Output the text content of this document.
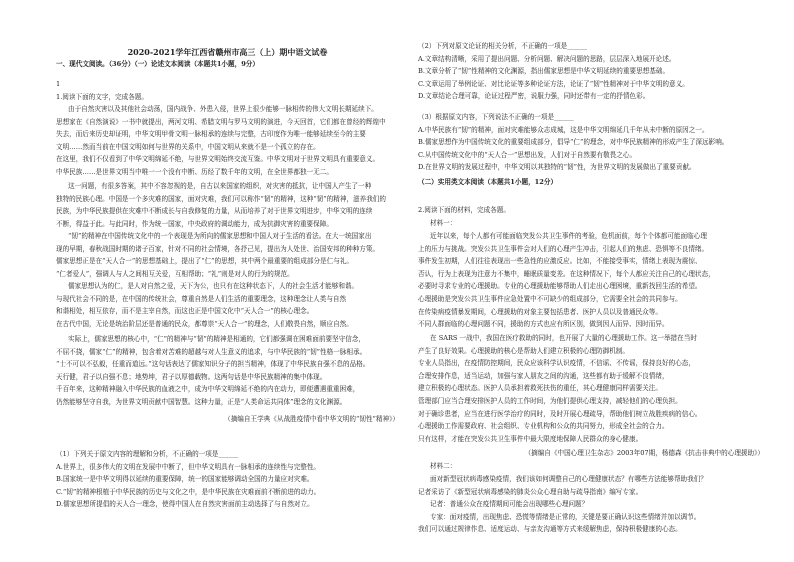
2020-2021学年江西省赣州市高三（上）期中语文试卷

一、现代文阅读。（36分）（一）论述文本阅读（本题共1小题，9分）

1

1.阅读下面的文字，完成各题。

由于自然灾害以及其他社会动荡，国内战争、外患入侵，世界上很少能够一脉相传的伟大文明长期延续下。

思想家在《自然演说》一书中就提出，两河文明、希腊文明与罗马文明的演进，今天回首，它们都在曾经的辉煌中

失去，而后来历史却证明，中华文明甲骨文明一脉相承的连续与完整，古印度作为唯一能够延续至今的主要

文明……然而当前在中国文明如何与世界的关系中，中国文明从来就不是一个孤立的存在。

在这里，我们不仅看到了中华文明绵延不绝，与世界文明始终交流互鉴。中华文明对于世界文明具有重要意义。

中华民族……是世界文明当中唯一一个没有中断、历经了数千年的文明，在全世界都独一无二。

这一问题，有很多答案，其中不容忽视的是，自古以来国家的组织，对灾害的抵抗，让中国人产生了一种

独特的民族心理。中国是一个多灾难的国家，面对灾难，我们可以称作“韧”的精神，这种“韧”的精神，滋养我们的

民族，为中华民族提供在灾难中不断成长与自我修复的力量，从而培养了对于世界文明进步，中华文明的连续

不断，得益于此。与此同时，作为统一国家，中央政府的调动能力，成为抗御灾害的重要保障。

“韧”的精神在中国传统文化中的一个表现是为所向的儒家思想和中国人对于生活的看法。在大一统国家出

现的早期，春秋战国时期的诸子百家，针对不同的社会情境，各抒己见，提出为人处世、治国安邦的种种方策。

儒家思想正是在“天人合一”的思想基础上，提出了“仁”的思想，其中两个最重要的组成部分是仁与礼。

“仁者爱人”，强调人与人之间相互关爱，互相帮助；“礼”则是对人的行为的规范。

儒家思想认为的仁，是人对自然之爱，天下为公，也只有在这种状态下，人的社会生活才能够和谐。

与现代社会不同的是，在中国的传统社会，尊重自然是人们生活的重要理念，这种理念让人类与自然

和谐相处，相互依存，而不是主宰自然，而这也正是中国文化中“天人合一”的核心理念。

在古代中国，无论是统治阶层还是普通的民众，都尊崇“天人合一”的理念，人们敬畏自然，顺应自然。

实际上，儒家思想的核心中，“仁”的精神与“韧”的精神是相通的，它们都强调在困难面前要坚守信念，

不屈不挠，儒家“仁”的精神，包含着对苦难的超越与对人生意义的追求，与中华民族的“韧”性格一脉相承。

“士不可以不弘毅，任重而道远。”这句话表达了儒家知识分子的担当精神，体现了中华民族自强不息的品格。

天行健，君子以自强不息；地势坤，君子以厚德载物。这两句话是中华民族精神的集中体现。

千百年来，这种精神融入中华民族的血液之中，成为中华文明绵延不绝的内在动力，即便遭遇重重困难，

仍然能够坚守自我，为世界文明贡献中国智慧。这种力量，正是“人类命运共同体”理念的文化渊源。

（摘编自王学典《从战胜疫情中看中华文明的“韧性”精神》）

（1）下列关于原文内容的理解和分析，不正确的一项是______

A.世界上，很多伟大的文明在发展中中断了，但中华文明具有一脉相承的连续性与完整性。

B.国家统一是中华文明得以延续的重要保障，统一的国家能够调动全国的力量应对灾难。

C.“韧”的精神根植于中华民族的历史与文化之中，是中华民族在灾难面前不断前进的动力。

D.儒家思想所提倡的天人合一理念，使得中国人在自然灾害面前主动选择了与自然对立。

（2）下列对原文论证的相关分析，不正确的一项是______

A.文章结构清晰，采用了提出问题、分析问题、解决问题的思路，层层深入地展开论述。

B.文章分析了“韧”性精神的文化渊源，指出儒家思想是中华文明延续的重要思想基础。

C.文章运用了举例论证、对比论证等多种论证方法，论证了“韧”性精神对于中华文明的意义。

D.文章结论合理可靠，论证过程严密，说服力强，同时还带有一定的抒情色彩。

（3）根据原文内容，下列说法不正确的一项是______

A.中华民族有“韧”的精神，面对灾难能够众志成城，这是中华文明绵延几千年从未中断的原因之一。

B.儒家思想作为中国传统文化的重要组成部分，倡导“仁”的理念，对中华民族精神的形成产生了深远影响。

C.从中国传统文化中的“天人合一”思想出发，人们对于自然要有敬畏之心。

D.在世界文明的发展过程中，中华文明以其独特的“韧”性，为世界文明的发展做出了重要贡献。

（二）实用类文本阅读（本题共1小题，12分）

2.阅读下面的材料，完成各题。

材料一：

近年以来，每个人都有可能面临突发公共卫生事件的考验，危机面前，每个个体都可能面临心理

上的压力与挑战。突发公共卫生事件会对人们的心理产生冲击，引起人们的焦虑、恐惧等不良情绪。

事件发生初期，人们往往表现出一些急性的应激反应。比如，不能接受事实，情绪上表现为震惊、

否认，行为上表现为注意力不集中，睡眠质量变差。在这种情况下，每个人都应关注自己的心理状态，

必要时寻求专业的心理援助。专业的心理援助能够帮助人们走出心理困境，重新找回生活的希望。

心理援助是突发公共卫生事件应急处置中不可缺少的组成部分，它需要全社会的共同参与。

在传染病疫情暴发期间，心理援助的对象主要包括患者、医护人员以及普通民众等。

不同人群面临的心理问题不同，援助的方式也应有所区别，做到因人而异、因时而异。

在 SARS 一战中，我国在医疗救助的同时，也开展了大量的心理援助工作。这一举措在当时

产生了良好效果。心理援助的核心是帮助人们建立积极的心理防御机制。

专业人员指出，在疫情防控期间，民众应该科学认识疫情，不信谣、不传谣，保持良好的心态，

合理安排作息，适当运动，加强与家人朋友之间的沟通，这些都有助于缓解不良情绪，

建立积极的心理状态。医护人员承担着救死扶伤的重任，其心理健康同样需要关注。

管理部门应当合理安排医护人员的工作时间，为他们提供心理支持，减轻他们的心理负担。

对于确诊患者，应当在进行医学治疗的同时，及时开展心理疏导，帮助他们树立战胜疾病的信心。

心理援助工作需要政府、社会组织、专业机构和公众的共同努力，形成全社会的合力。

只有这样，才能在突发公共卫生事件中最大限度地保障人民群众的身心健康。

（摘编自《中国心理卫生杂志》2003年07期，杨德森《抗击非典中的心理援助》）

材料二：

面对新型冠状病毒感染疫情，我们该如何调整自己的心理健康状态？有哪些方法能够帮助我们？

记者采访了《新型冠状病毒感染的肺炎公众心理自助与疏导指南》编写专家。

记者：普通公众在疫情期间可能会出现哪些心理问题？

专家：面对疫情，出现焦虑、恐慌等情绪是正常的，关键是要正确认识这些情绪并加以调节。

我们可以通过规律作息、适度运动、与亲友沟通等方式来缓解焦虑，保持积极健康的心态。
